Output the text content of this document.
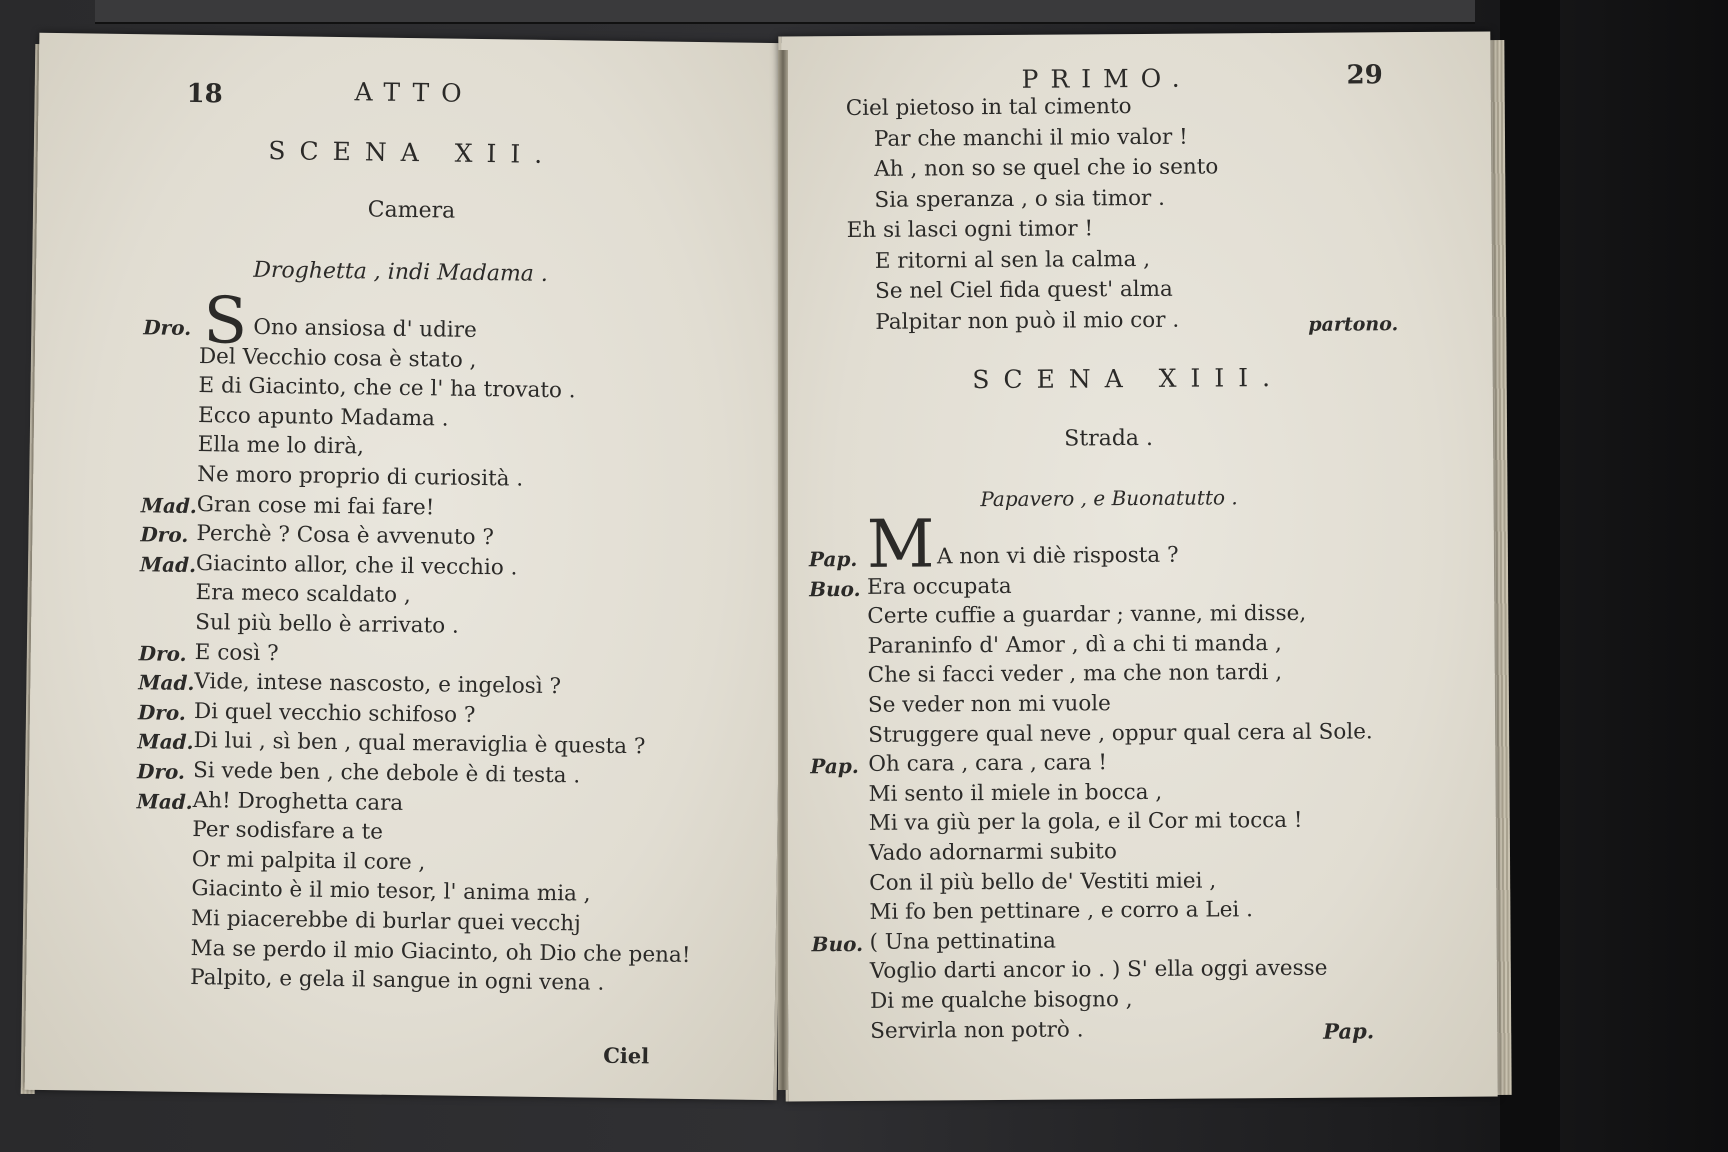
18	ATTO
SCENA XII.
Camera
Droghetta , indi Madama .
S
Dro.	Ono ansiosa d' udire
Del Vecchio cosa è stato ,
E di Giacinto, che ce l' ha trovato .
Ecco apunto Madama .
Ella me lo dirà,
Ne moro proprio di curiosità .
Mad. Gran cose mi fai fare!
Dro. Perchè ? Cosa è avvenuto ?
Mad. Giacinto allor, che il vecchio .
Era meco scaldato ,
Sul più bello è arrivato .
Dro. E così ?
Mad. Vide, intese nascosto, e ingelosì ?
Dro. Di quel vecchio schifoso ?
Mad. Di lui , sì ben , qual meraviglia è questa ?
Dro. Si vede ben , che debole è di testa .
Mad. Ah! Droghetta cara
Per sodisfare a te
Or mi palpita il core ,
Giacinto è il mio tesor, l' anima mia ,
Mi piacerebbe di burlar quei vecchj
Ma se perdo il mio Giacinto, oh Dio che pena!
Palpito, e gela il sangue in ogni vena .
Ciel
PRIMO.	29
Ciel pietoso in tal cimento
Par che manchi il mio valor !
Ah , non so se quel che io sento
Sia speranza , o sia timor .
Eh si lasci ogni timor !
E ritorni al sen la calma ,
Se nel Ciel fida quest' alma
Palpitar non può il mio cor .	partono.
SCENA XIII.
Strada .
Papavero , e Buonatutto .
M
Pap.	A non vi diè risposta ?
Buo. Era occupata
Certe cuffie a guardar ; vanne, mi disse,
Paraninfo d' Amor , dì a chi ti manda ,
Che si facci veder , ma che non tardi ,
Se veder non mi vuole
Struggere qual neve , oppur qual cera al Sole.
Pap. Oh cara , cara , cara !
Mi sento il miele in bocca ,
Mi va giù per la gola, e il Cor mi tocca !
Vado adornarmi subito
Con il più bello de' Vestiti miei ,
Mi fo ben pettinare , e corro a Lei .
Buo. ( Una pettinatina
Voglio darti ancor io . ) S' ella oggi avesse
Di me qualche bisogno ,
Servirla non potrò .	Pap.
